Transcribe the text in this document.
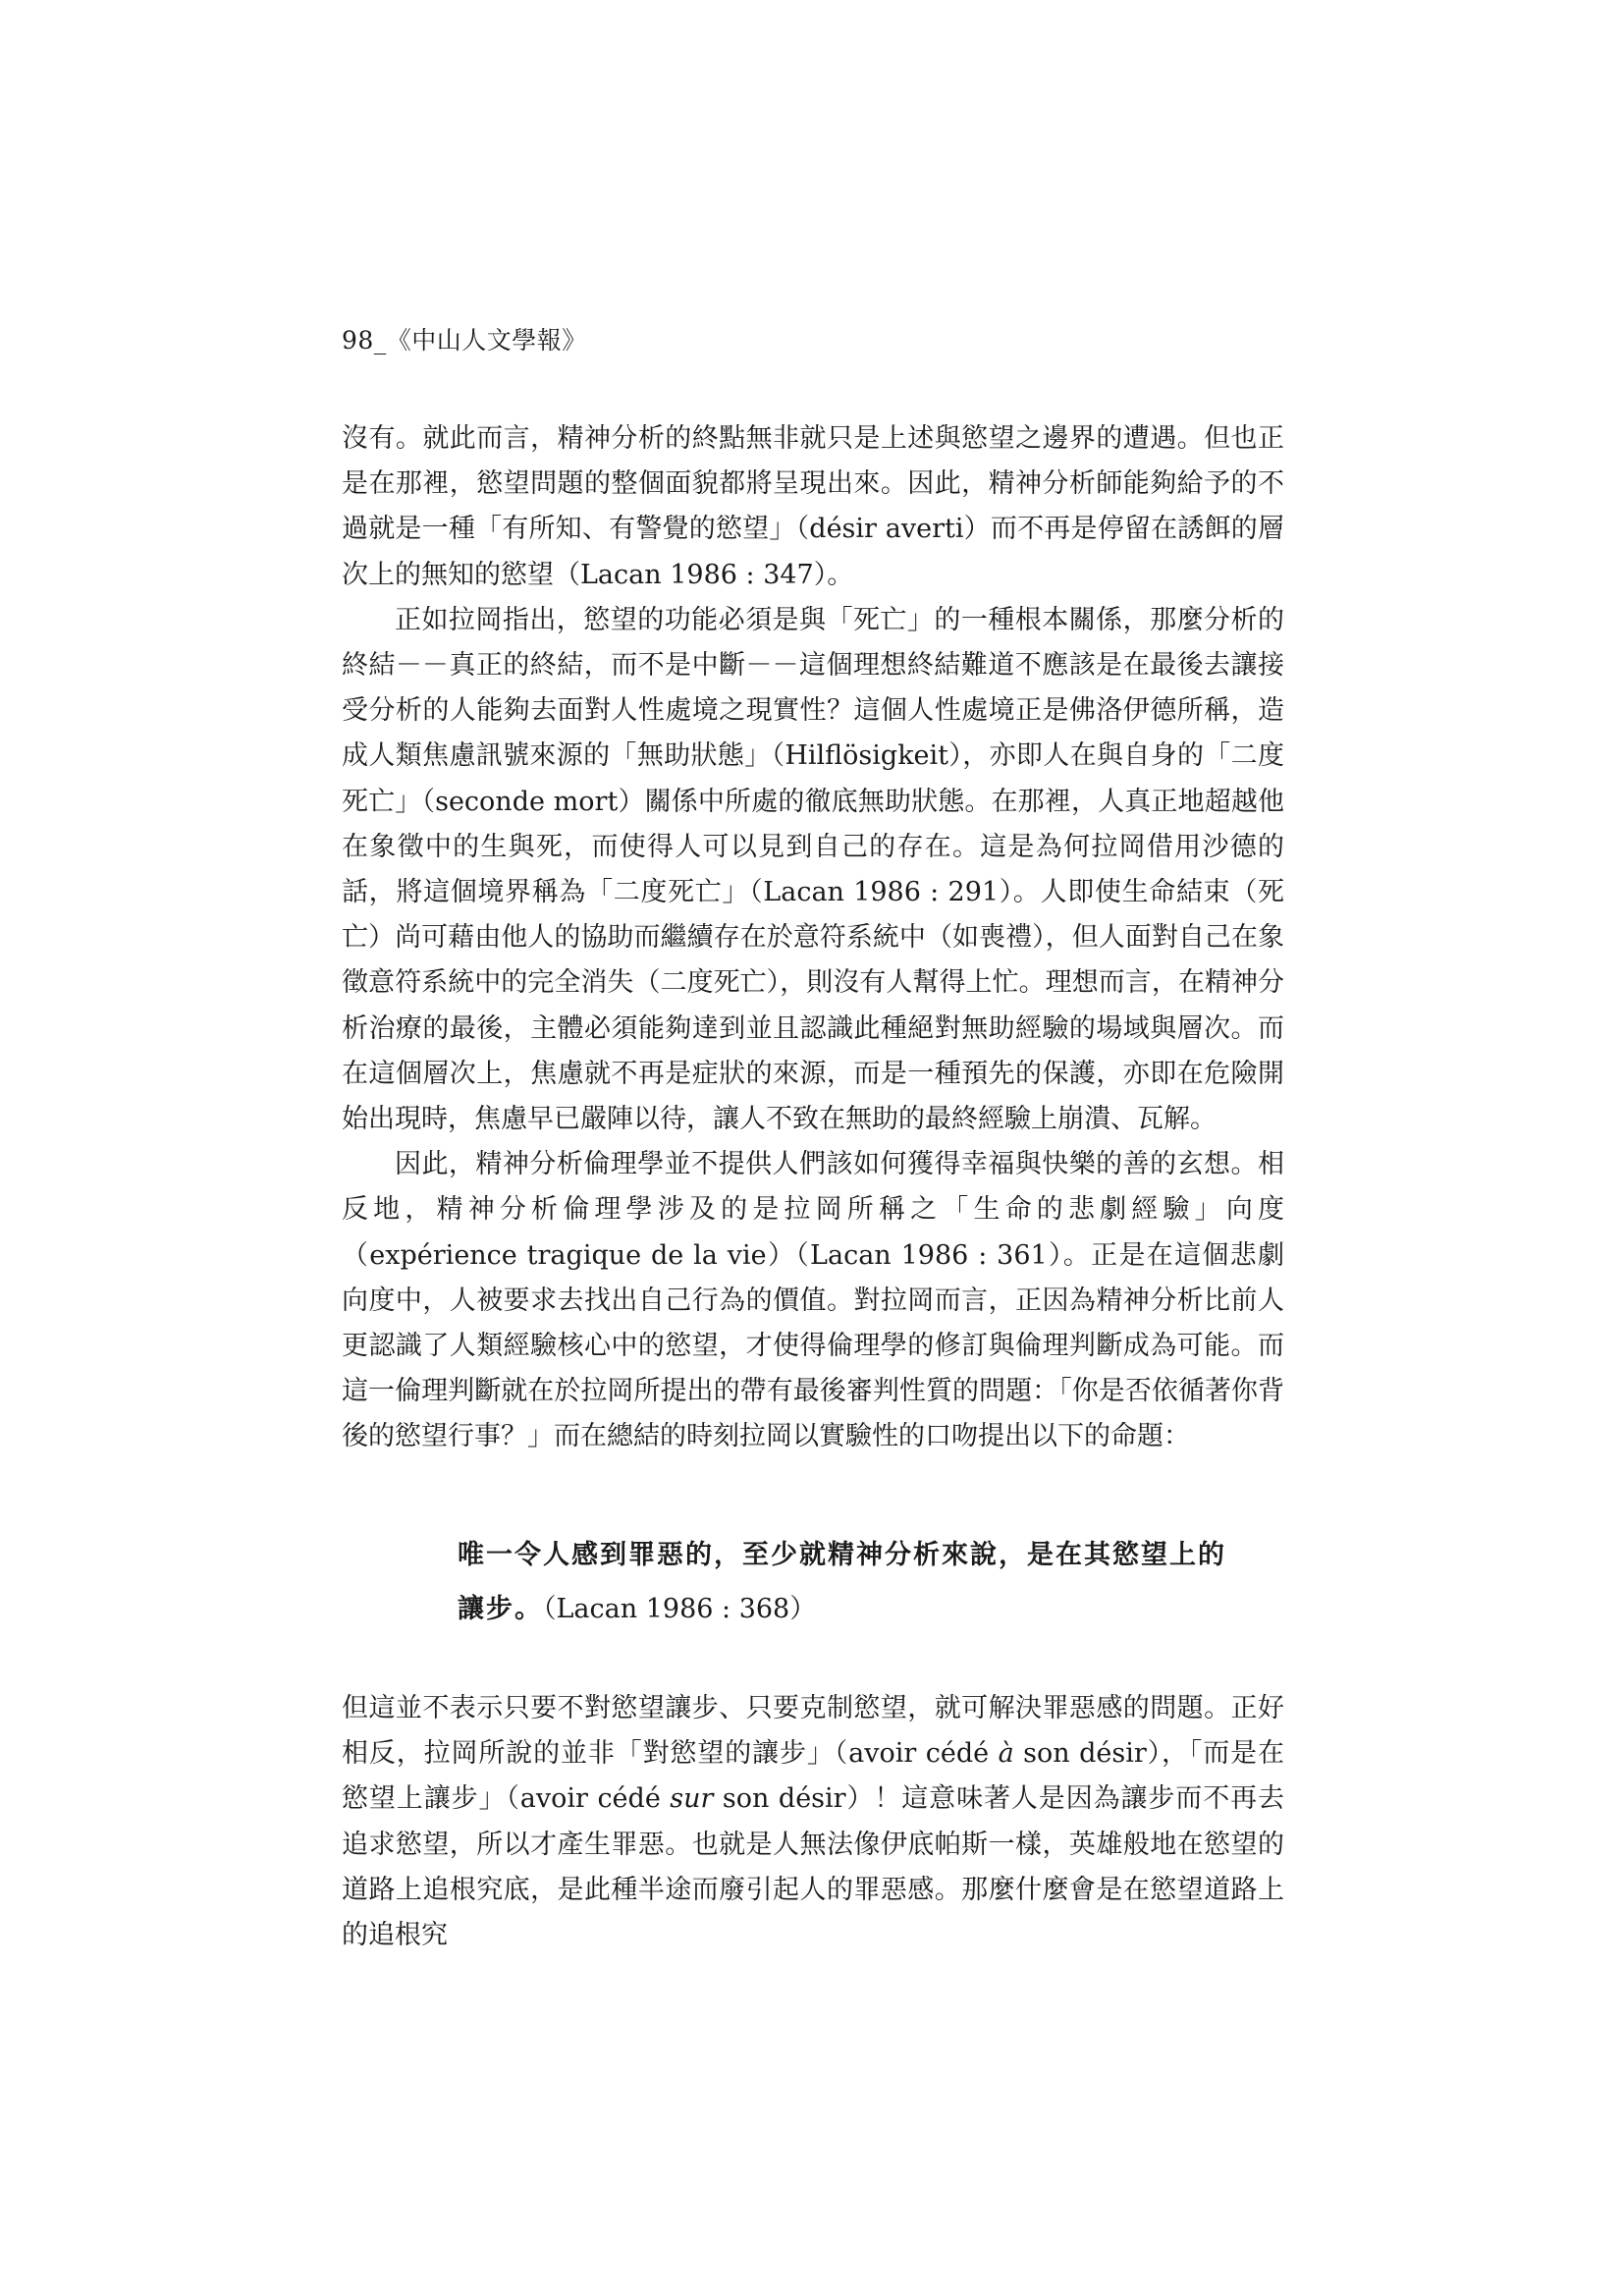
98_《中山人文學報》

沒有。就此而言，精神分析的終點無非就只是上述與慾望之邊界的遭遇。但也正是在那裡，慾望問題的整個面貌都將呈現出來。因此，精神分析師能夠給予的不過就是一種「有所知、有警覺的慾望」（désir averti）而不再是停留在誘餌的層次上的無知的慾望（Lacan 1986 : 347）。

正如拉岡指出，慾望的功能必須是與「死亡」的一種根本關係，那麼分析的終結－－真正的終結，而不是中斷－－這個理想終結難道不應該是在最後去讓接受分析的人能夠去面對人性處境之現實性？這個人性處境正是佛洛伊德所稱，造成人類焦慮訊號來源的「無助狀態」（Hilflösigkeit），亦即人在與自身的「二度死亡」（seconde mort）關係中所處的徹底無助狀態。在那裡，人真正地超越他在象徵中的生與死，而使得人可以見到自己的存在。這是為何拉岡借用沙德的話，將這個境界稱為「二度死亡」（Lacan 1986 : 291）。人即使生命結束（死亡）尚可藉由他人的協助而繼續存在於意符系統中（如喪禮），但人面對自己在象徵意符系統中的完全消失（二度死亡），則沒有人幫得上忙。理想而言，在精神分析治療的最後，主體必須能夠達到並且認識此種絕對無助經驗的場域與層次。而在這個層次上，焦慮就不再是症狀的來源，而是一種預先的保護，亦即在危險開始出現時，焦慮早已嚴陣以待，讓人不致在無助的最終經驗上崩潰、瓦解。

因此，精神分析倫理學並不提供人們該如何獲得幸福與快樂的善的玄想。相反地，精神分析倫理學涉及的是拉岡所稱之「生命的悲劇經驗」向度（expérience tragique de la vie）（Lacan 1986 : 361）。正是在這個悲劇向度中，人被要求去找出自己行為的價值。對拉岡而言，正因為精神分析比前人更認識了人類經驗核心中的慾望，才使得倫理學的修訂與倫理判斷成為可能。而這一倫理判斷就在於拉岡所提出的帶有最後審判性質的問題：「你是否依循著你背後的慾望行事？」而在總結的時刻拉岡以實驗性的口吻提出以下的命題：

唯一令人感到罪惡的，至少就精神分析來說，是在其慾望上的
讓步。（Lacan 1986 : 368）

但這並不表示只要不對慾望讓步、只要克制慾望，就可解決罪惡感的問題。正好相反，拉岡所說的並非「對慾望的讓步」（avoir cédé à son désir），「而是在慾望上讓步」（avoir cédé sur son désir）！這意味著人是因為讓步而不再去追求慾望，所以才產生罪惡。也就是人無法像伊底帕斯一樣，英雄般地在慾望的道路上追根究底，是此種半途而廢引起人的罪惡感。那麼什麼會是在慾望道路上的追根究
